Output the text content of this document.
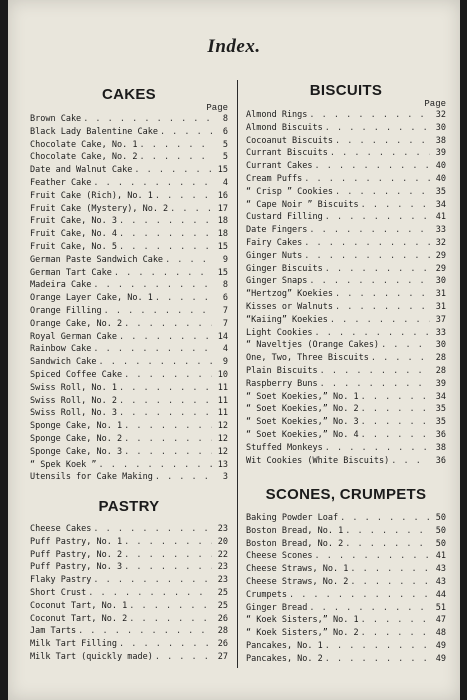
Index.
CAKES
Page
Brown Cake . . .	8
Black Lady Balentine Cake . . .	6
Chocolate Cake, No. 1 . . .	5
Chocolate Cake, No. 2 . . .	5
Date and Walnut Cake . . .	15
Feather Cake . . .	4
Fruit Cake (Rich), No. 1 . . .	16
Fruit Cake (Mystery), No. 2 . . .	17
Fruit Cake, No. 3 . . .	18
Fruit Cake, No. 4 . . .	18
Fruit Cake, No. 5 . . .	15
German Paste Sandwich Cake . . .	9
German Tart Cake . . .	15
Madeira Cake . . .	8
Orange Layer Cake, No. 1 . . .	6
Orange Filling . . .	7
Orange Cake, No. 2 . . .	7
Royal German Cake . . .	14
Rainbow Cake . . .	4
Sandwich Cake . . .	9
Spiced Coffee Cake . . .	10
Swiss Roll, No. 1 . . .	11
Swiss Roll, No. 2 . . .	11
Swiss Roll, No. 3 . . .	11
Sponge Cake, No. 1 . . .	12
Sponge Cake, No. 2 . . .	12
Sponge Cake, No. 3 . . .	12
“ Spek Koek ” . . .	13
Utensils for Cake Making . . .	3
PASTRY
Cheese Cakes . . .	23
Puff Pastry, No. 1 . . .	20
Puff Pastry, No. 2 . . .	22
Puff Pastry, No. 3 . . .	23
Flaky Pastry . . .	23
Short Crust . . .	25
Coconut Tart, No. 1 . . .	25
Coconut Tart, No. 2 . . .	26
Jam Tarts . . .	28
Milk Tart Filling . . .	26
Milk Tart (quickly made) . . .	27
BISCUITS
Page
Almond Rings . . .	32
Almond Biscuits . . .	30
Cocoanut Biscuits . . .	38
Currant Biscuits . . .	39
Currant Cakes . . .	40
Cream Puffs . . .	40
“ Crisp ” Cookies . . .	35
“ Cape Noir ” Biscuits . . .	34
Custard Filling . . .	41
Date Fingers . . .	33
Fairy Cakes . . .	32
Ginger Nuts . . .	29
Ginger Biscuits . . .	29
Ginger Snaps . . .	30
“Hertzog” Koekies . . .	31
Kisses or Walnuts . . .	31
“Kaiing” Koekies . . .	37
Light Cookies . . .	33
“ Naveltjes (Orange Cakes) . . .	30
One, Two, Three Biscuits . . .	28
Plain Biscuits . . .	28
Raspberry Buns . . .	39
“ Soet Koekies,” No. 1 . . .	34
“ Soet Koekies,” No. 2 . . .	35
“ Soet Koekies,” No. 3 . . .	35
“ Soet Koekies,” No. 4 . . .	36
Stuffed Monkeys . . .	38
Wit Cookies (White Biscuits) . . .	36
SCONES, CRUMPETS
Baking Powder Loaf . . .	50
Boston Bread, No. 1 . . .	50
Boston Bread, No. 2 . . .	50
Cheese Scones . . .	41
Cheese Straws, No. 1 . . .	43
Cheese Straws, No. 2 . . .	43
Crumpets . . .	44
Ginger Bread . . .	51
“ Koek Sisters,” No. 1 . . .	47
“ Koek Sisters,” No. 2 . . .	48
Pancakes, No. 1 . . .	49
Pancakes, No. 2 . . .	49
